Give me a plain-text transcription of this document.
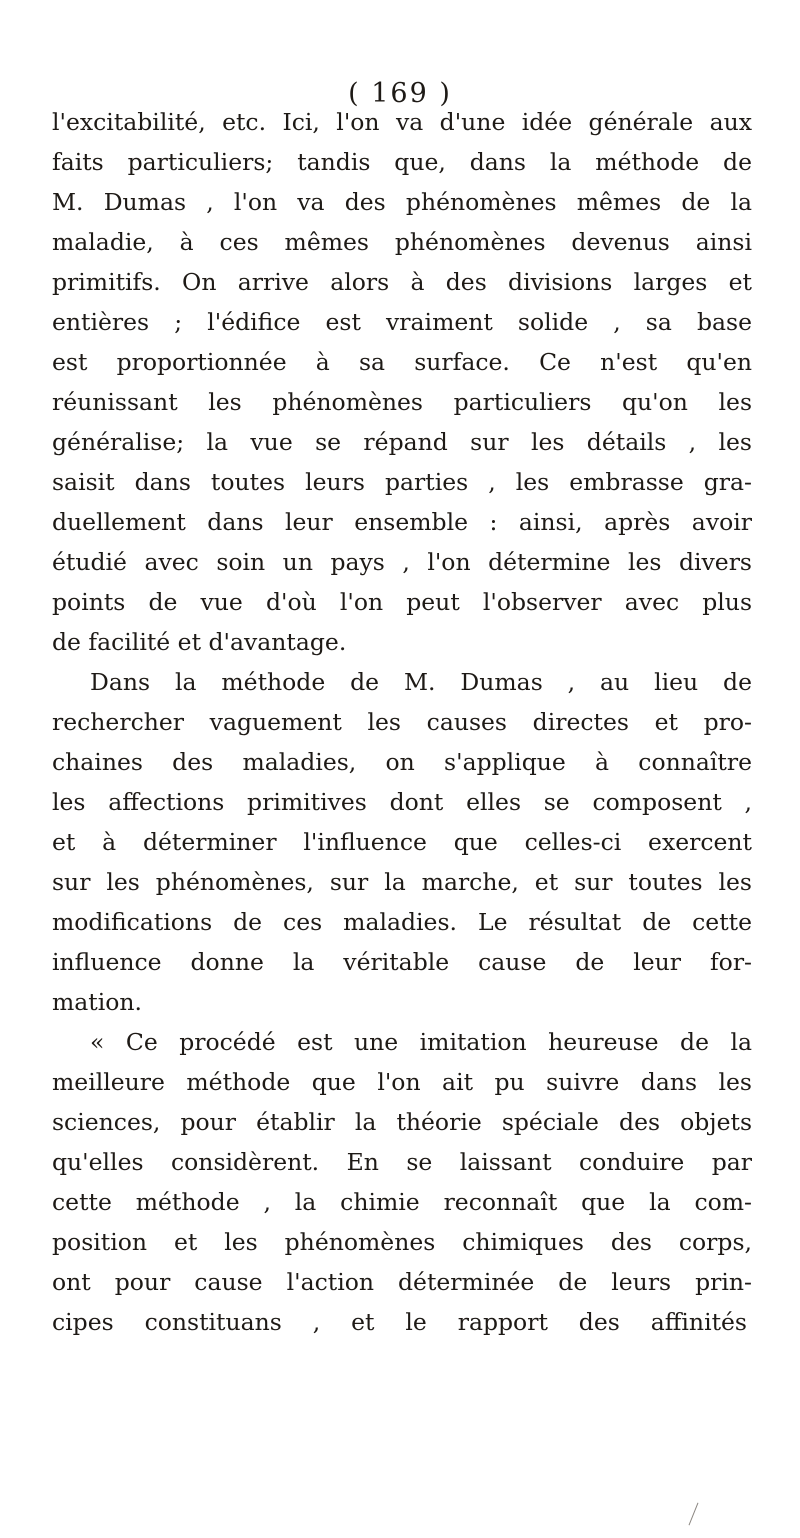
( 169 )
l'excitabilité, etc. Ici, l'on va d'une idée générale aux
faits particuliers; tandis que, dans la méthode de
M. Dumas , l'on va des phénomènes mêmes de la
maladie, à ces mêmes phénomènes devenus ainsi
primitifs. On arrive alors à des divisions larges et
entières ; l'édifice est vraiment solide , sa base
est proportionnée à sa surface. Ce n'est qu'en
réunissant les phénomènes particuliers qu'on les
généralise; la vue se répand sur les détails , les
saisit dans toutes leurs parties , les embrasse gra-
duellement dans leur ensemble : ainsi, après avoir
étudié avec soin un pays , l'on détermine les divers
points de vue d'où l'on peut l'observer avec plus
de facilité et d'avantage.
Dans la méthode de M. Dumas , au lieu de
rechercher vaguement les causes directes et pro-
chaines des maladies, on s'applique à connaître
les affections primitives dont elles se composent ,
et à déterminer l'influence que celles-ci exercent
sur les phénomènes, sur la marche, et sur toutes les
modifications de ces maladies. Le résultat de cette
influence donne la véritable cause de leur for-
mation.
« Ce procédé est une imitation heureuse de la
meilleure méthode que l'on ait pu suivre dans les
sciences, pour établir la théorie spéciale des objets
qu'elles considèrent. En se laissant conduire par
cette méthode , la chimie reconnaît que la com-
position et les phénomènes chimiques des corps,
ont pour cause l'action déterminée de leurs prin-
cipes constituans , et le rapport des affinités
